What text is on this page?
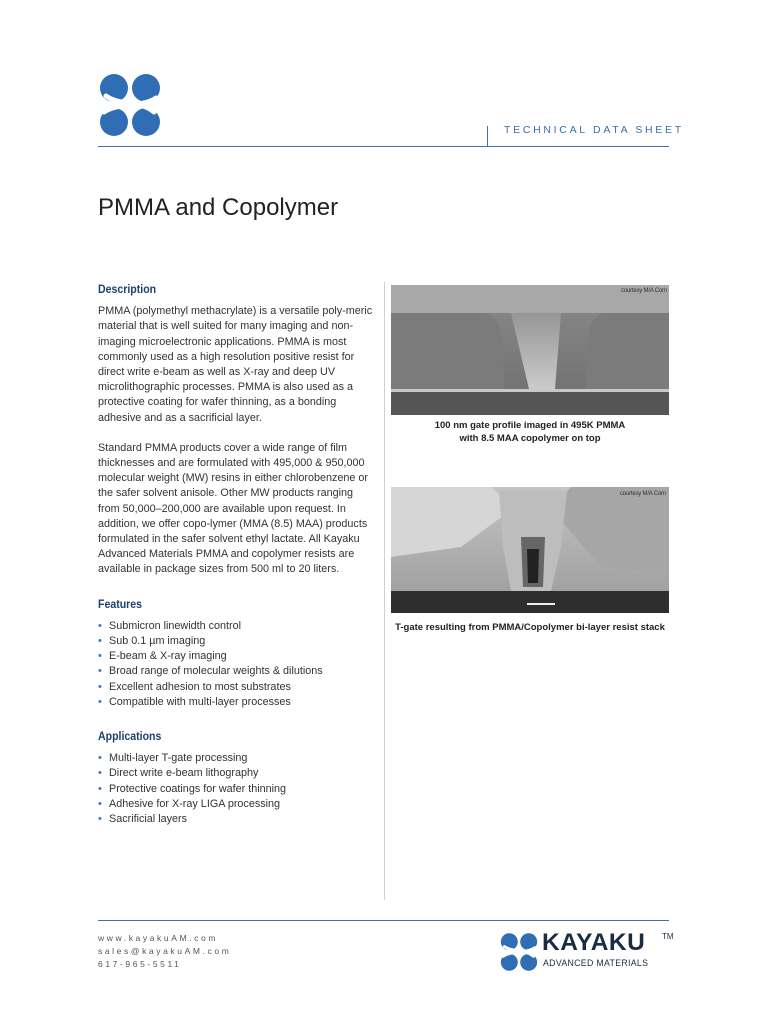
TECHNICAL DATA SHEET
PMMA and Copolymer
Description

PMMA (polymethyl methacrylate) is a versatile poly-meric material that is well suited for many imaging and non-imaging microelectronic applications. PMMA is most commonly used as a high resolution positive resist for direct write e-beam as well as X-ray and deep UV microlithographic processes. PMMA is also used as a protective coating for wafer thinning, as a bonding adhesive and as a sacrificial layer.

Standard PMMA products cover a wide range of film thicknesses and are formulated with 495,000 & 950,000 molecular weight (MW) resins in either chlorobenzene or the safer solvent anisole. Other MW products ranging from 50,000–200,000 are available upon request. In addition, we offer copo-lymer (MMA (8.5) MAA) products formulated in the safer solvent ethyl lactate. All Kayaku Advanced Materials PMMA and copolymer resists are available in package sizes from 500 ml to 20 liters.

Features
• Submicron linewidth control
• Sub 0.1 µm imaging
• E-beam & X-ray imaging
• Broad range of molecular weights & dilutions
• Excellent adhesion to most substrates
• Compatible with multi-layer processes
Applications
• Multi-layer T-gate processing
• Direct write e-beam lithography
• Protective coatings for wafer thinning
• Adhesive for X-ray LIGA processing
• Sacrificial layers
courtesy M/A Com
100 nm gate profile imaged in 495K PMMA
with 8.5 MAA copolymer on top
courtesy M/A Com
T-gate resulting from PMMA/Copolymer bi-layer resist stack
www.kayakuAM.com
sales@kayakuAM.com
617-965-5511
KAYAKU TM
ADVANCED MATERIALS
